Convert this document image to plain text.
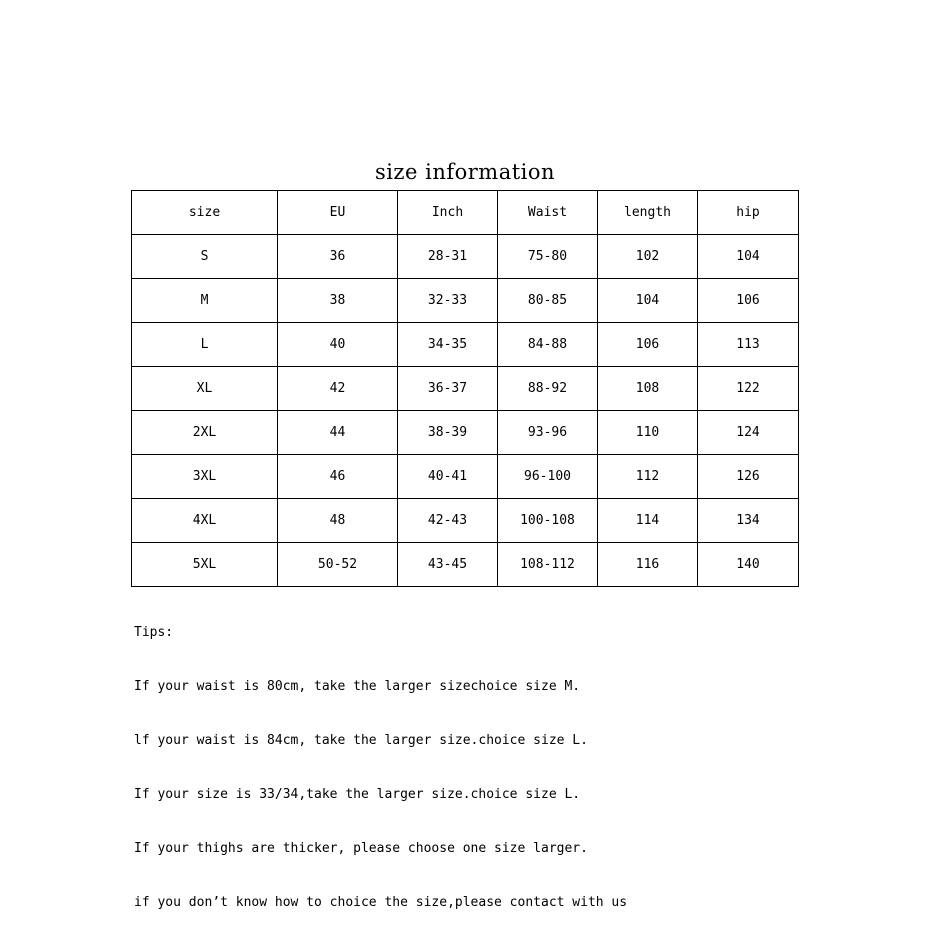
size information
size	EU	Inch	Waist	length	hip
S	36	28-31	75-80	102	104
M	38	32-33	80-85	104	106
L	40	34-35	84-88	106	113
XL	42	36-37	88-92	108	122
2XL	44	38-39	93-96	110	124
3XL	46	40-41	96-100	112	126
4XL	48	42-43	100-108	114	134
5XL	50-52	43-45	108-112	116	140

Tips:

If your waist is 80cm, take the larger sizechoice size M.

lf your waist is 84cm, take the larger size.choice size L.

If your size is 33/34,take the larger size.choice size L.

If your thighs are thicker, please choose one size larger.

if you don’t know how to choice the size,please contact with us
